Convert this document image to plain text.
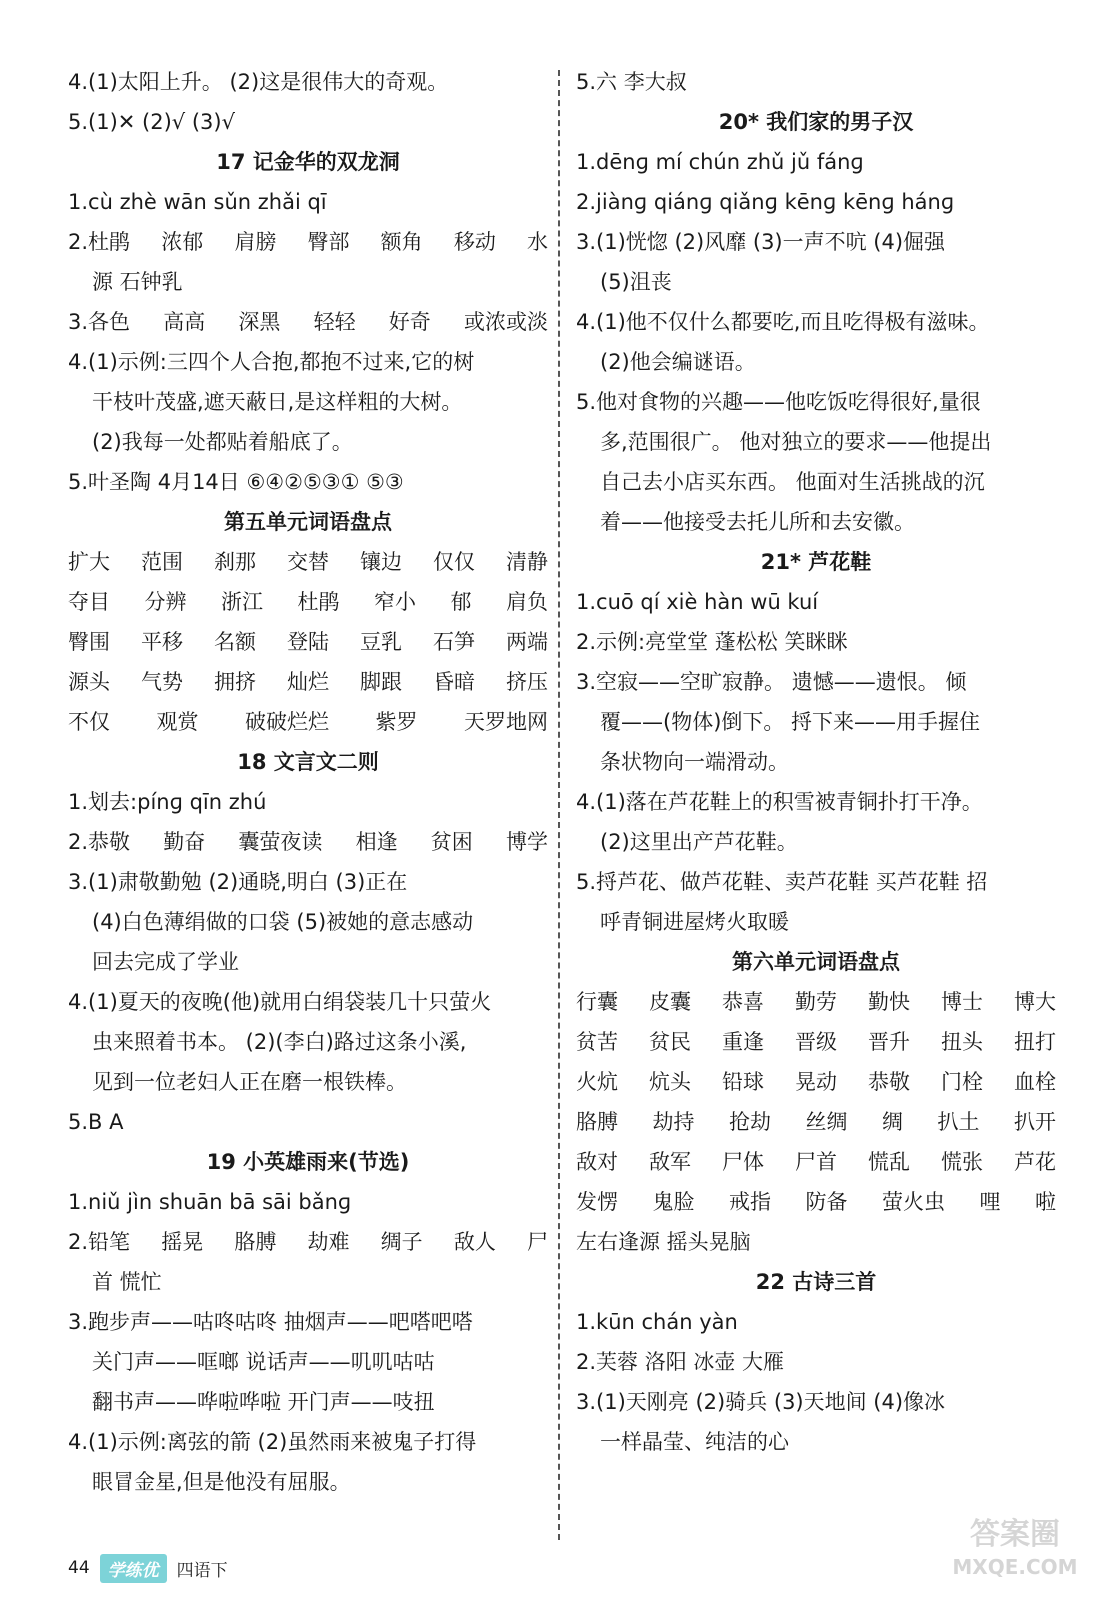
4.(1)太阳上升。 (2)这是很伟大的奇观。
5.(1)✕ (2)√ (3)√
17 记金华的双龙洞
1.cù zhè wān sǔn zhǎi qī
2.杜鹃 浓郁 肩膀 臀部 额角 移动 水
源 石钟乳
3.各色 高高 深黑 轻轻 好奇 或浓或淡
4.(1)示例:三四个人合抱,都抱不过来,它的树
干枝叶茂盛,遮天蔽日,是这样粗的大树。
(2)我每一处都贴着船底了。
5.叶圣陶 4月14日 ⑥④②⑤③① ⑤③
第五单元词语盘点
扩大 范围 刹那 交替 镶边 仅仅 清静
夺目 分辨 浙江 杜鹃 窄小 郁 肩负
臀围 平移 名额 登陆 豆乳 石笋 两端
源头 气势 拥挤 灿烂 脚跟 昏暗 挤压
不仅 观赏 破破烂烂 紫罗 天罗地网
18 文言文二则
1.划去:pínɡ qīn zhú
2.恭敬 勤奋 囊萤夜读 相逢 贫困 博学
3.(1)肃敬勤勉 (2)通晓,明白 (3)正在
(4)白色薄绢做的口袋 (5)被她的意志感动
回去完成了学业
4.(1)夏天的夜晚(他)就用白绢袋装几十只萤火
虫来照着书本。 (2)(李白)路过这条小溪,
见到一位老妇人正在磨一根铁棒。
5.B A
19 小英雄雨来(节选)
1.niǔ jìn shuān bā sāi bǎnɡ
2.铅笔 摇晃 胳膊 劫难 绸子 敌人 尸
首 慌忙
3.跑步声——咕咚咕咚 抽烟声——吧嗒吧嗒
关门声——哐啷 说话声——叽叽咕咕
翻书声——哗啦哗啦 开门声——吱扭
4.(1)示例:离弦的箭 (2)虽然雨来被鬼子打得
眼冒金星,但是他没有屈服。
5.六 李大叔
20* 我们家的男子汉
1.dēnɡ mí chún zhǔ jǔ fánɡ
2.jiànɡ qiánɡ qiǎnɡ kēnɡ kēnɡ hánɡ
3.(1)恍惚 (2)风靡 (3)一声不吭 (4)倔强
(5)沮丧
4.(1)他不仅什么都要吃,而且吃得极有滋味。
(2)他会编谜语。
5.他对食物的兴趣——他吃饭吃得很好,量很
多,范围很广。 他对独立的要求——他提出
自己去小店买东西。 他面对生活挑战的沉
着——他接受去托儿所和去安徽。
21* 芦花鞋
1.cuō qí xiè hàn wū kuí
2.示例:亮堂堂 蓬松松 笑眯眯
3.空寂——空旷寂静。 遗憾——遗恨。 倾
覆——(物体)倒下。 捋下来——用手握住
条状物向一端滑动。
4.(1)落在芦花鞋上的积雪被青铜扑打干净。
(2)这里出产芦花鞋。
5.捋芦花、做芦花鞋、卖芦花鞋 买芦花鞋 招
呼青铜进屋烤火取暖
第六单元词语盘点
行囊 皮囊 恭喜 勤劳 勤快 博士 博大
贫苦 贫民 重逢 晋级 晋升 扭头 扭打
火炕 炕头 铅球 晃动 恭敬 门栓 血栓
胳膊 劫持 抢劫 丝绸 绸 扒土 扒开
敌对 敌军 尸体 尸首 慌乱 慌张 芦花
发愣 鬼脸 戒指 防备 萤火虫 哩 啦
左右逢源 摇头晃脑
22 古诗三首
1.kūn chán yàn
2.芙蓉 洛阳 冰壶 大雁
3.(1)天刚亮 (2)骑兵 (3)天地间 (4)像冰
一样晶莹、纯洁的心
44	学练优	四语下
答案圈
MXQE.COM
